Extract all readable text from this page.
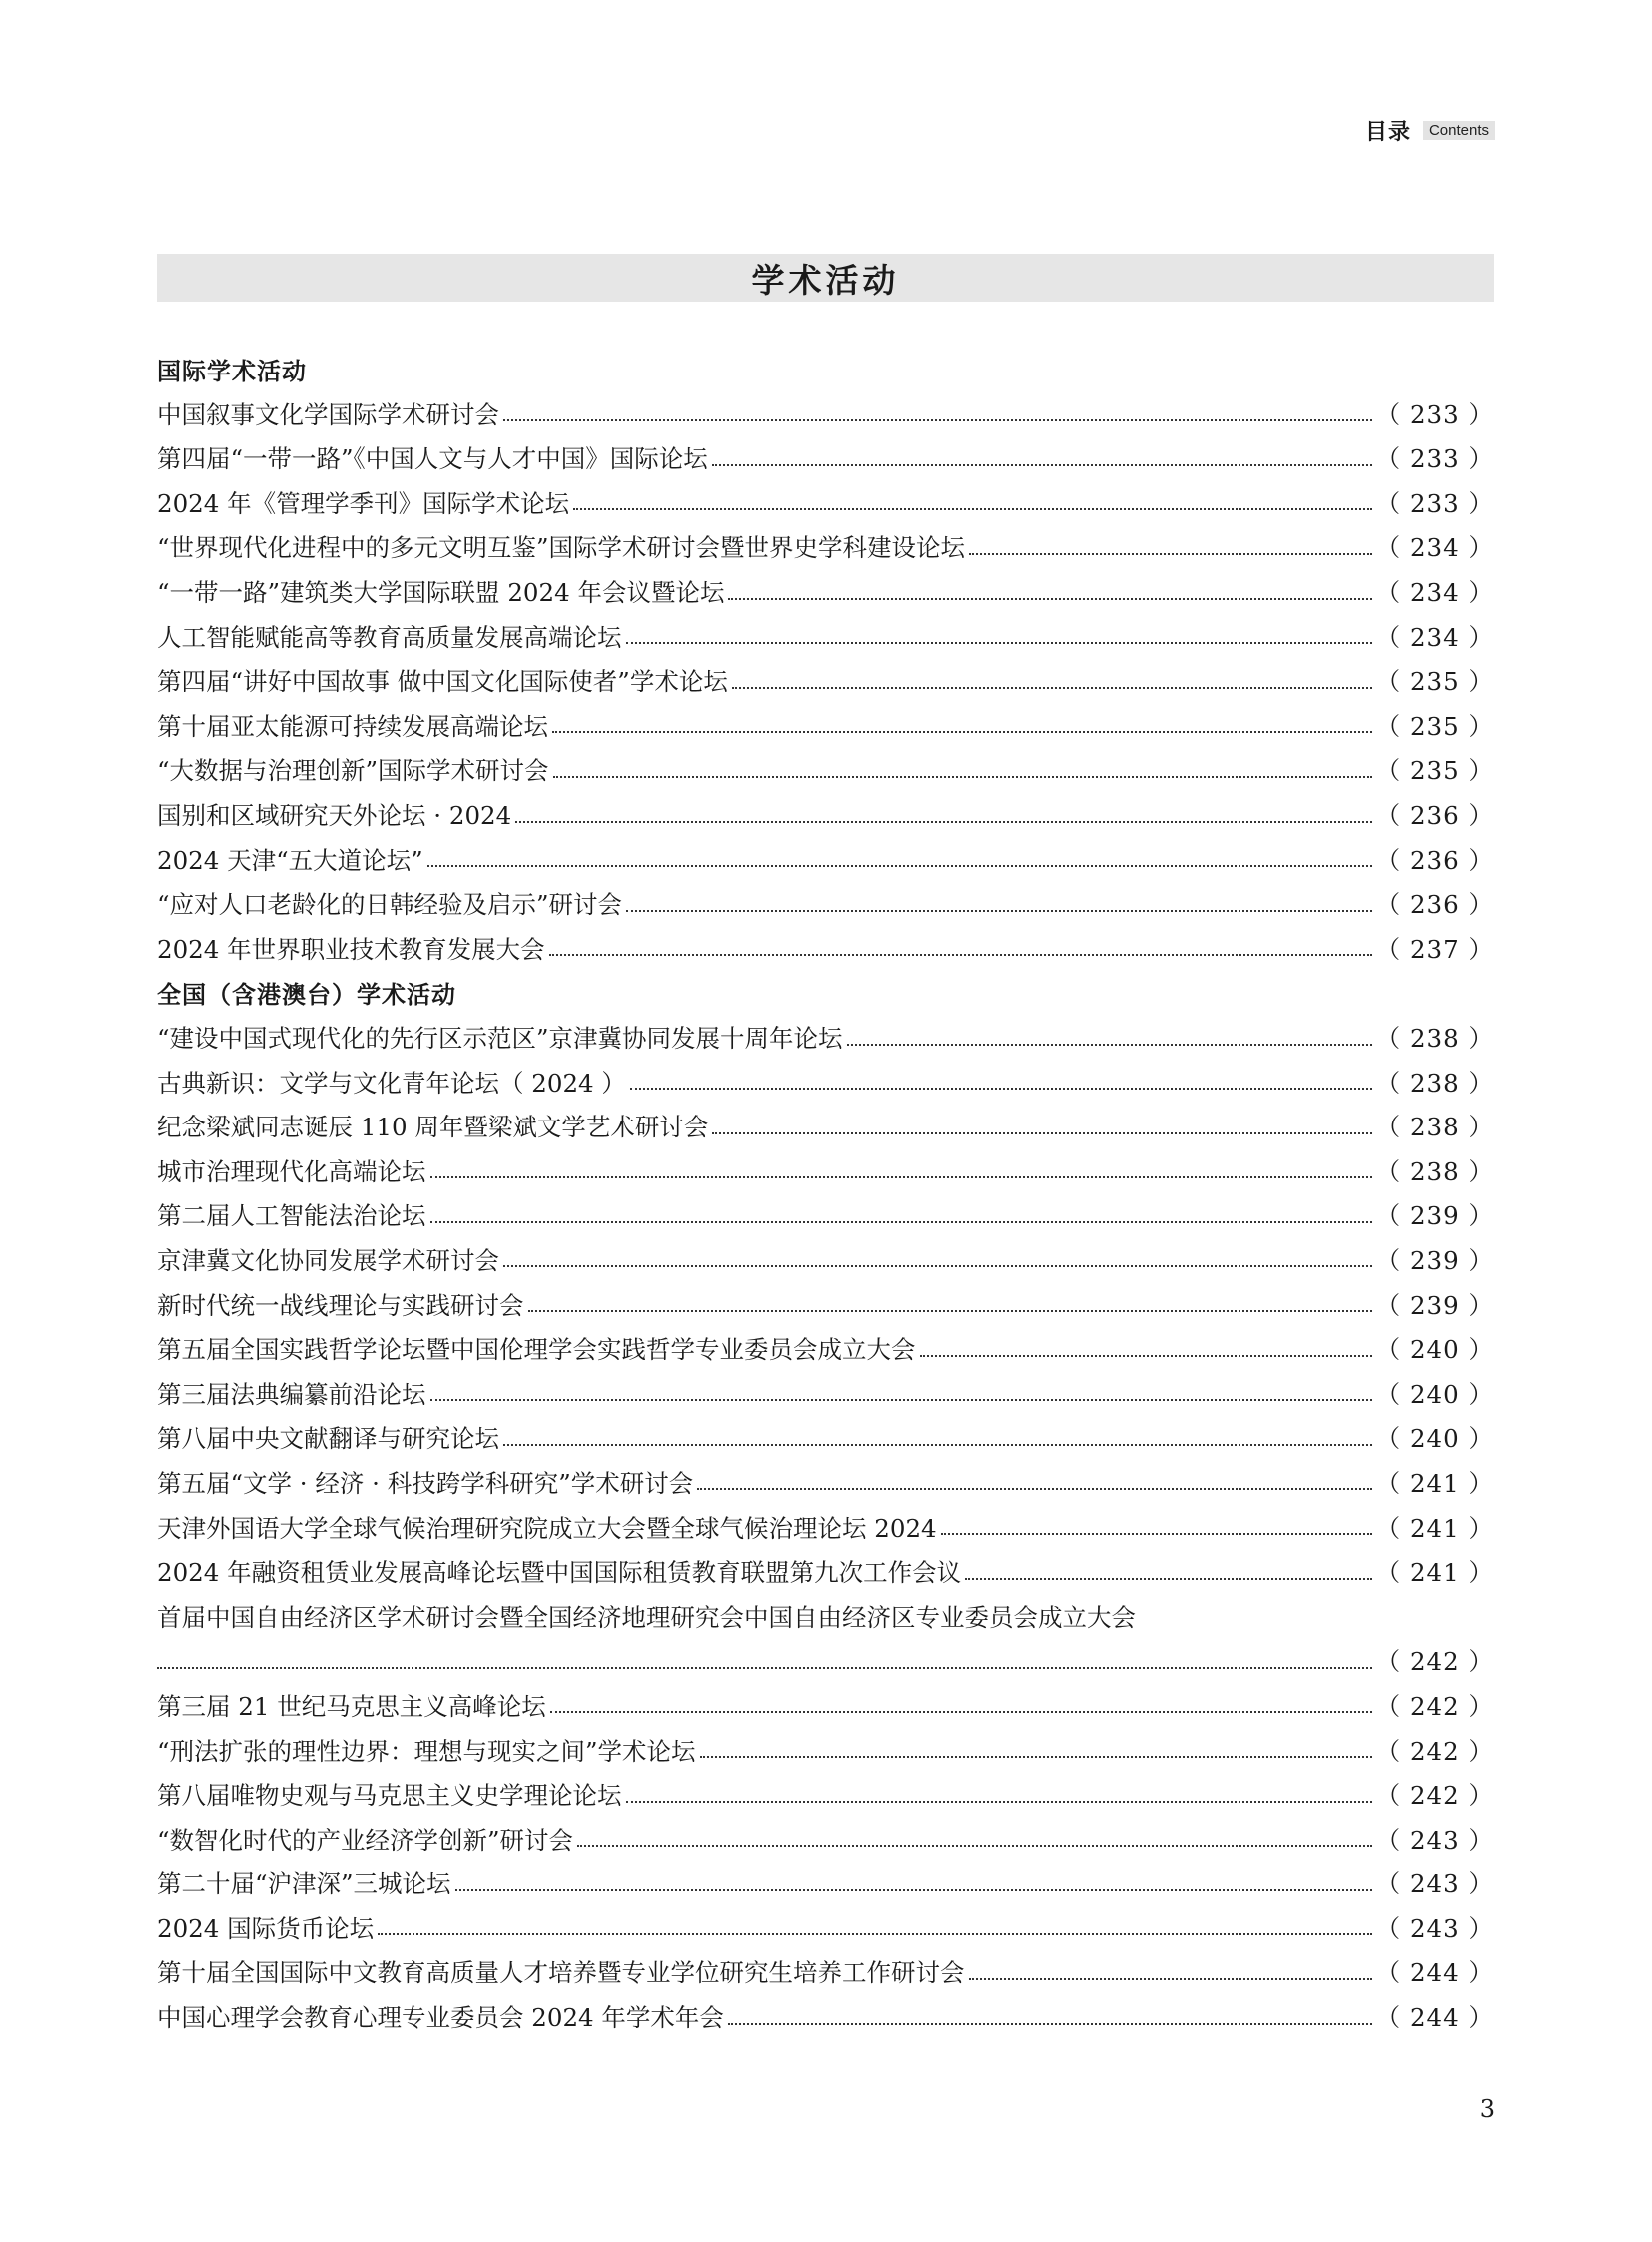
目录	Contents
学术活动
国际学术活动
中国叙事文化学国际学术研讨会	（ 233 ）
第四届“一带一路”《中国人文与人才中国》国际论坛	（ 233 ）
2024 年《管理学季刊》国际学术论坛	（ 233 ）
“世界现代化进程中的多元文明互鉴”国际学术研讨会暨世界史学科建设论坛	（ 234 ）
“一带一路”建筑类大学国际联盟 2024 年会议暨论坛	（ 234 ）
人工智能赋能高等教育高质量发展高端论坛	（ 234 ）
第四届“讲好中国故事 做中国文化国际使者”学术论坛	（ 235 ）
第十届亚太能源可持续发展高端论坛	（ 235 ）
“大数据与治理创新”国际学术研讨会	（ 235 ）
国别和区域研究天外论坛 · 2024	（ 236 ）
2024 天津“五大道论坛”	（ 236 ）
“应对人口老龄化的日韩经验及启示”研讨会	（ 236 ）
2024 年世界职业技术教育发展大会	（ 237 ）
全国（含港澳台）学术活动
“建设中国式现代化的先行区示范区”京津冀协同发展十周年论坛	（ 238 ）
古典新识：文学与文化青年论坛（ 2024 ）	（ 238 ）
纪念梁斌同志诞辰 110 周年暨梁斌文学艺术研讨会	（ 238 ）
城市治理现代化高端论坛	（ 238 ）
第二届人工智能法治论坛	（ 239 ）
京津冀文化协同发展学术研讨会	（ 239 ）
新时代统一战线理论与实践研讨会	（ 239 ）
第五届全国实践哲学论坛暨中国伦理学会实践哲学专业委员会成立大会	（ 240 ）
第三届法典编纂前沿论坛	（ 240 ）
第八届中央文献翻译与研究论坛	（ 240 ）
第五届“文学 · 经济 · 科技跨学科研究”学术研讨会	（ 241 ）
天津外国语大学全球气候治理研究院成立大会暨全球气候治理论坛 2024	（ 241 ）
2024 年融资租赁业发展高峰论坛暨中国国际租赁教育联盟第九次工作会议	（ 241 ）
首届中国自由经济区学术研讨会暨全国经济地理研究会中国自由经济区专业委员会成立大会
（ 242 ）
第三届 21 世纪马克思主义高峰论坛	（ 242 ）
“刑法扩张的理性边界：理想与现实之间”学术论坛	（ 242 ）
第八届唯物史观与马克思主义史学理论论坛	（ 242 ）
“数智化时代的产业经济学创新”研讨会	（ 243 ）
第二十届“沪津深”三城论坛	（ 243 ）
2024 国际货币论坛	（ 243 ）
第十届全国国际中文教育高质量人才培养暨专业学位研究生培养工作研讨会	（ 244 ）
中国心理学会教育心理专业委员会 2024 年学术年会	（ 244 ）
3
